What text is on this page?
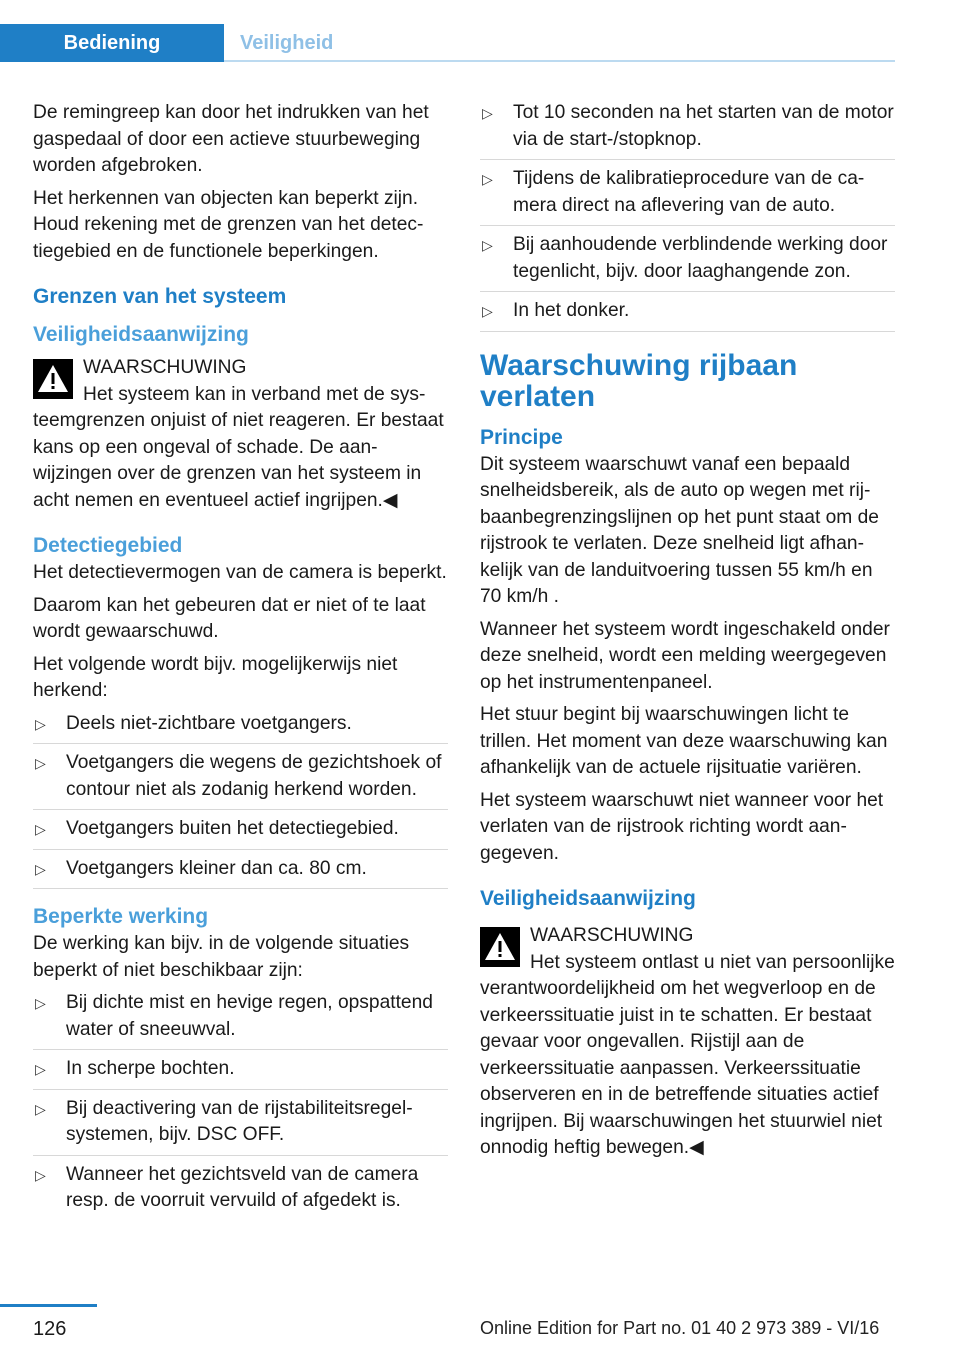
Bediening	Veiligheid

De remingreep kan door het indrukken van het gaspedaal of door een actieve stuurbeweging worden afgebroken.

Het herkennen van objecten kan beperkt zijn. Houd rekening met de grenzen van het detectiegebied en de functionele beperkingen.

Grenzen van het systeem
Veiligheidsaanwijzing
WAARSCHUWING
Het systeem kan in verband met de systeemgrenzen onjuist of niet reageren. Er bestaat kans op een ongeval of schade. De aanwijzingen over de grenzen van het systeem in acht nemen en eventueel actief ingrijpen.◀
Detectiegebied

Het detectievermogen van de camera is beperkt.

Daarom kan het gebeuren dat er niet of te laat wordt gewaarschuwd.

Het volgende wordt bijv. mogelijkerwijs niet herkend:

▷ Deels niet-zichtbare voetgangers.
▷ Voetgangers die wegens de gezichtshoek of contour niet als zodanig herkend worden.
▷ Voetgangers buiten het detectiegebied.
▷ Voetgangers kleiner dan ca. 80 cm.
Beperkte werking

De werking kan bijv. in de volgende situaties beperkt of niet beschikbaar zijn:

▷ Bij dichte mist en hevige regen, opspattend water of sneeuwval.
▷ In scherpe bochten.
▷ Bij deactivering van de rijstabiliteitsregelsystemen, bijv. DSC OFF.
▷ Wanneer het gezichtsveld van de camera resp. de voorruit vervuild of afgedekt is.
▷ Tot 10 seconden na het starten van de motor via de start-/stopknop.
▷ Tijdens de kalibratieprocedure van de camera direct na aflevering van de auto.
▷ Bij aanhoudende verblindende werking door tegenlicht, bijv. door laaghangende zon.
▷ In het donker.
Waarschuwing rijbaan verlaten
Principe

Dit systeem waarschuwt vanaf een bepaald snelheidsbereik, als de auto op wegen met rijbaanbegrenzingslijnen op het punt staat om de rijstrook te verlaten. Deze snelheid ligt afhankelijk van de landuitvoering tussen 55 km/h en 70 km/h .

Wanneer het systeem wordt ingeschakeld onder deze snelheid, wordt een melding weergegeven op het instrumentenpaneel.

Het stuur begint bij waarschuwingen licht te trillen. Het moment van deze waarschuwing kan afhankelijk van de actuele rijsituatie variëren.

Het systeem waarschuwt niet wanneer voor het verlaten van de rijstrook richting wordt aangegeven.

Veiligheidsaanwijzing
WAARSCHUWING
Het systeem ontlast u niet van persoonlijke verantwoordelijkheid om het wegverloop en de verkeerssituatie juist in te schatten. Er bestaat gevaar voor ongevallen. Rijstijl aan de verkeerssituatie aanpassen. Verkeerssituatie observeren en in de betreffende situaties actief ingrijpen. Bij waarschuwingen het stuurwiel niet onnodig heftig bewegen.◀
126	Online Edition for Part no. 01 40 2 973 389 - VI/16
